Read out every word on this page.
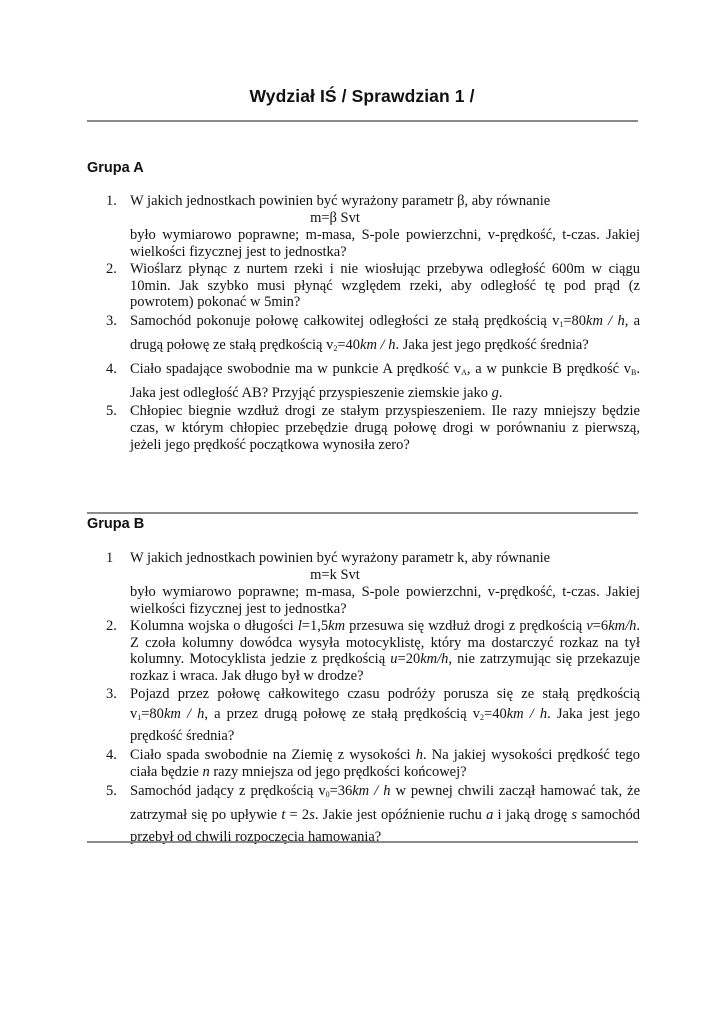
Wydział IŚ / Sprawdzian 1 /
Grupa A
1. W jakich jednostkach powinien być wyrażony parametr β, aby równanie
m=β Svt
było wymiarowo poprawne; m-masa, S-pole powierzchni, v-prędkość, t-czas. Jakiej wielkości fizycznej jest to jednostka?
2. Wioślarz płynąc z nurtem rzeki i nie wiosłując przebywa odległość 600m w ciągu 10min. Jak szybko musi płynąć względem rzeki, aby odległość tę pod prąd (z powrotem) pokonać w 5min?
3. Samochód pokonuje połowę całkowitej odległości ze stałą prędkością $v_1=80km / h$, a drugą połowę ze stałą prędkością $v_2=40km / h$. Jaka jest jego prędkość średnia?
4. Ciało spadające swobodnie ma w punkcie A prędkość $v_A$, a w punkcie B prędkość $v_B$. Jaka jest odległość AB? Przyjąć przyspieszenie ziemskie jako g.
5. Chłopiec biegnie wzdłuż drogi ze stałym przyspieszeniem. Ile razy mniejszy będzie czas, w którym chłopiec przebędzie drugą połowę drogi w porównaniu z pierwszą, jeżeli jego prędkość początkowa wynosiła zero?
Grupa B
1	W jakich jednostkach powinien być wyrażony parametr k, aby równanie
m=k Svt
było wymiarowo poprawne; m-masa, S-pole powierzchni, v-prędkość, t-czas. Jakiej wielkości fizycznej jest to jednostka?
2. Kolumna wojska o długości l=1,5km przesuwa się wzdłuż drogi z prędkością v=6km/h. Z czoła kolumny dowódca wysyła motocyklistę, który ma dostarczyć rozkaz na tył kolumny. Motocyklista jedzie z prędkością u=20km/h, nie zatrzymując się przekazuje rozkaz i wraca. Jak długo był w drodze?
3. Pojazd przez połowę całkowitego czasu podróży porusza się ze stałą prędkością $v_1=80km / h$, a przez drugą połowę ze stałą prędkością $v_2=40km / h$. Jaka jest jego prędkość średnia?
4. Ciało spada swobodnie na Ziemię z wysokości h. Na jakiej wysokości prędkość tego ciała będzie n razy mniejsza od jego prędkości końcowej?
5. Samochód jadący z prędkością $v_0=36km / h$ w pewnej chwili zaczął hamować tak, że zatrzymał się po upływie t = 2s. Jakie jest opóźnienie ruchu a i jaką drogę s samochód przebył od chwili rozpoczęcia hamowania?
